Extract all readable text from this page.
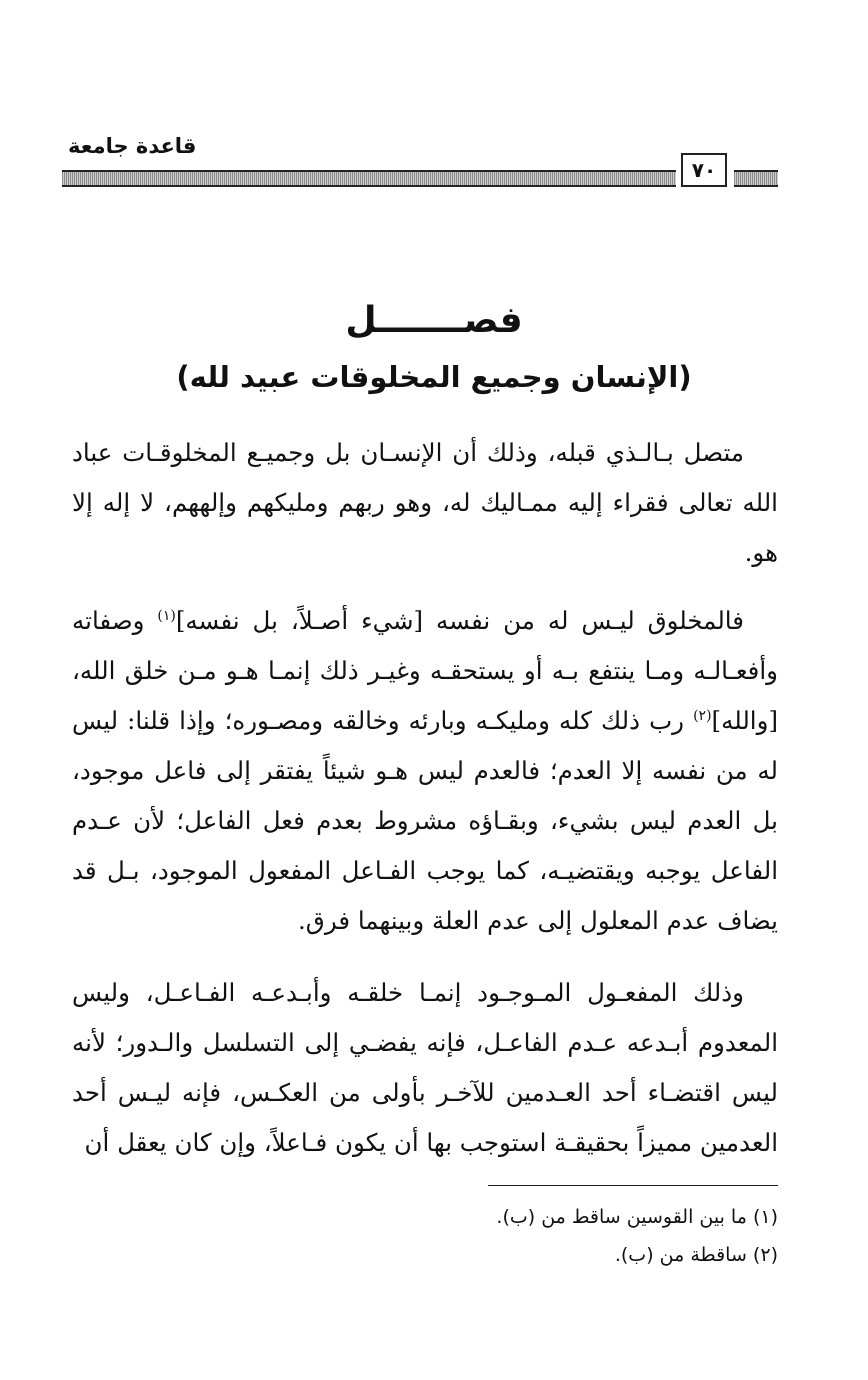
قاعدة جامعة
٧٠
فصـــــــل
(الإنسان وجميع المخلوقات عبيد لله)

متصل بـالـذي قبله، وذلك أن الإنسـان بل وجميـع المخلوقـات عباد الله تعالى فقراء إليه ممـاليك له، وهو ربهم ومليكهم وإلههم، لا إله إلا هو.

فالمخلوق ليـس له من نفسه [شيء أصـلاً، بل نفسه]$^{(١)}$ وصفاته وأفعـالـه ومـا ينتفع بـه أو يستحقـه وغيـر ذلك إنمـا هـو مـن خلق الله، [والله]$^{(٢)}$ رب ذلك كله ومليكـه وبارئه وخالقه ومصـوره؛ وإذا قلنا: ليس له من نفسه إلا العدم؛ فالعدم ليس هـو شيئاً يفتقر إلى فاعل موجود، بل العدم ليس بشيء، وبقـاؤه مشروط بعدم فعل الفاعل؛ لأن عـدم الفاعل يوجبه ويقتضيـه، كما يوجب الفـاعل المفعول الموجود، بـل قد يضاف عدم المعلول إلى عدم العلة وبينهما فرق.

وذلك المفعـول المـوجـود إنمـا خلقـه وأبـدعـه الفـاعـل، وليس المعدوم أبـدعه عـدم الفاعـل، فإنه يفضـي إلى التسلسل والـدور؛ لأنه ليس اقتضـاء أحد العـدمين للآخـر بأولى من العكـس، فإنه ليـس أحد العدمين مميزاً بحقيقـة استوجب بها أن يكون فـاعلاً، وإن كان يعقل أن

(١) ما بين القوسين ساقط من (ب).
(٢) ساقطة من (ب).
